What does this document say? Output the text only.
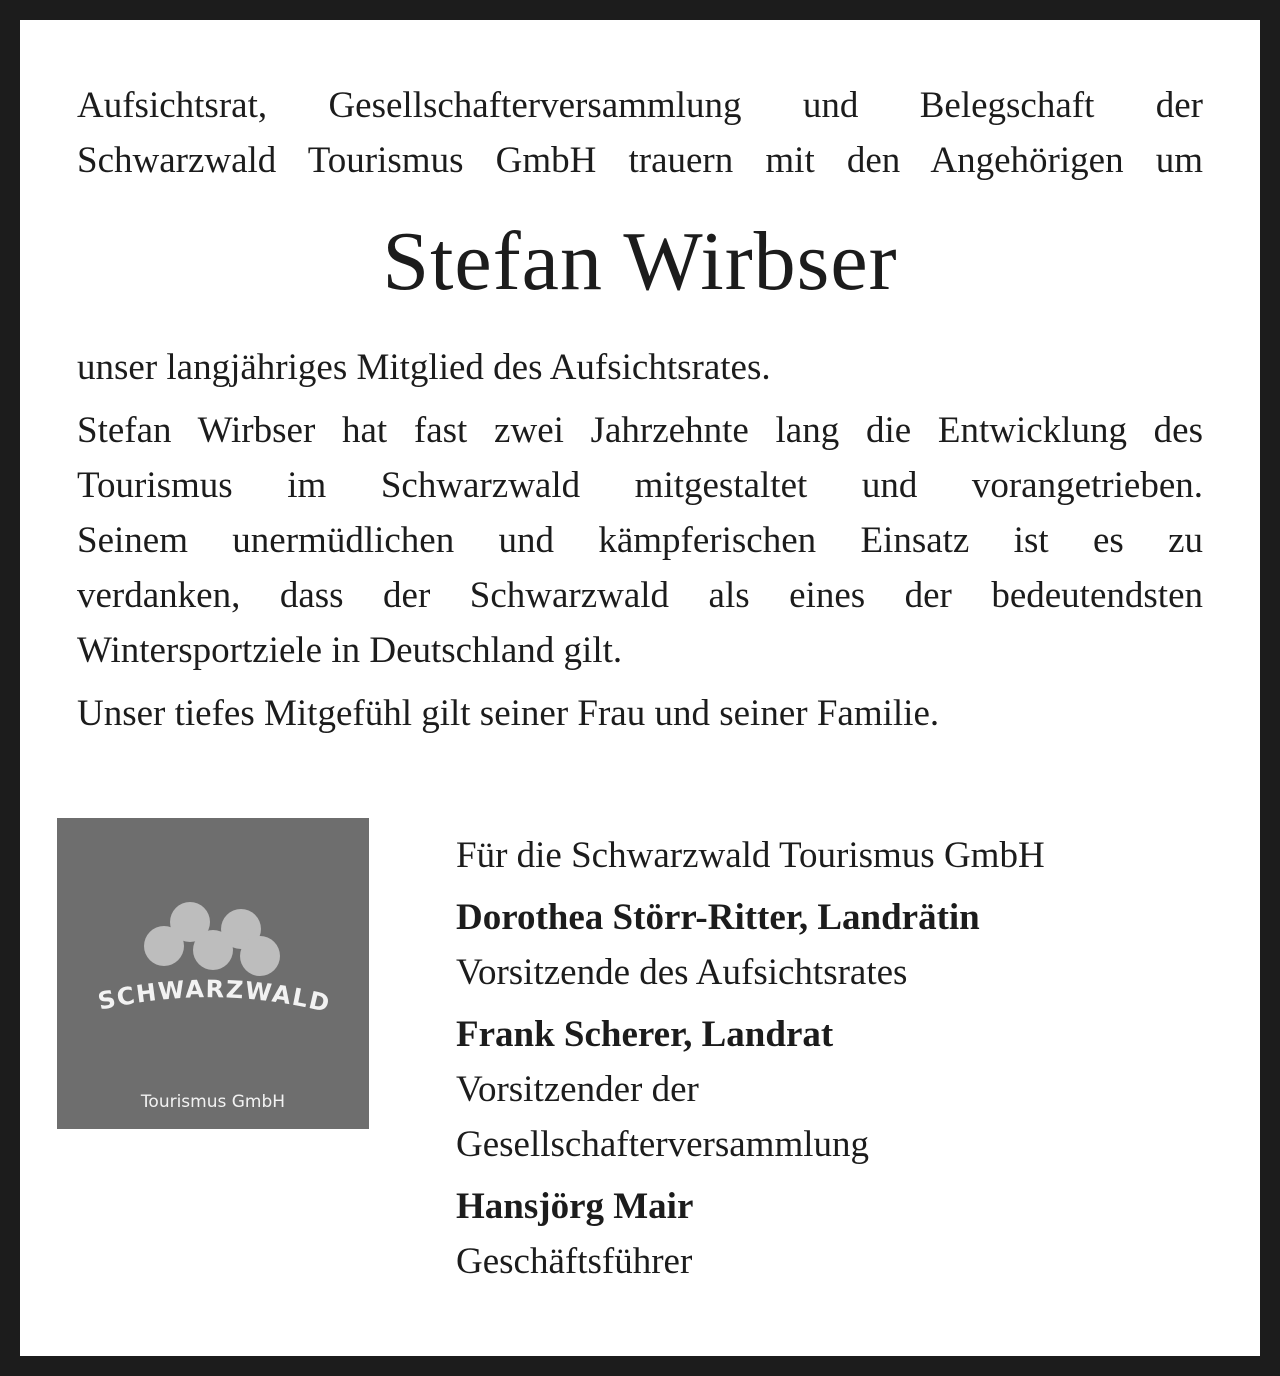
Aufsichtsrat, Gesellschafterversammlung und Belegschaft der
Schwarzwald Tourismus GmbH trauern mit den Angehörigen um

Stefan Wirbser

unser langjähriges Mitglied des Aufsichtsrates.

Stefan Wirbser hat fast zwei Jahrzehnte lang die Entwicklung des
Tourismus im Schwarzwald mitgestaltet und vorangetrieben.
Seinem unermüdlichen und kämpferischen Einsatz ist es zu
verdanken, dass der Schwarzwald als eines der bedeutendsten
Wintersportziele in Deutschland gilt.

Unser tiefes Mitgefühl gilt seiner Frau und seiner Familie.

SCHWARZWALD
Tourismus GmbH
Für die Schwarzwald Tourismus GmbH
Dorothea Störr-Ritter, Landrätin
Vorsitzende des Aufsichtsrates
Frank Scherer, Landrat
Vorsitzender der
Gesellschafterversammlung
Hansjörg Mair
Geschäftsführer
